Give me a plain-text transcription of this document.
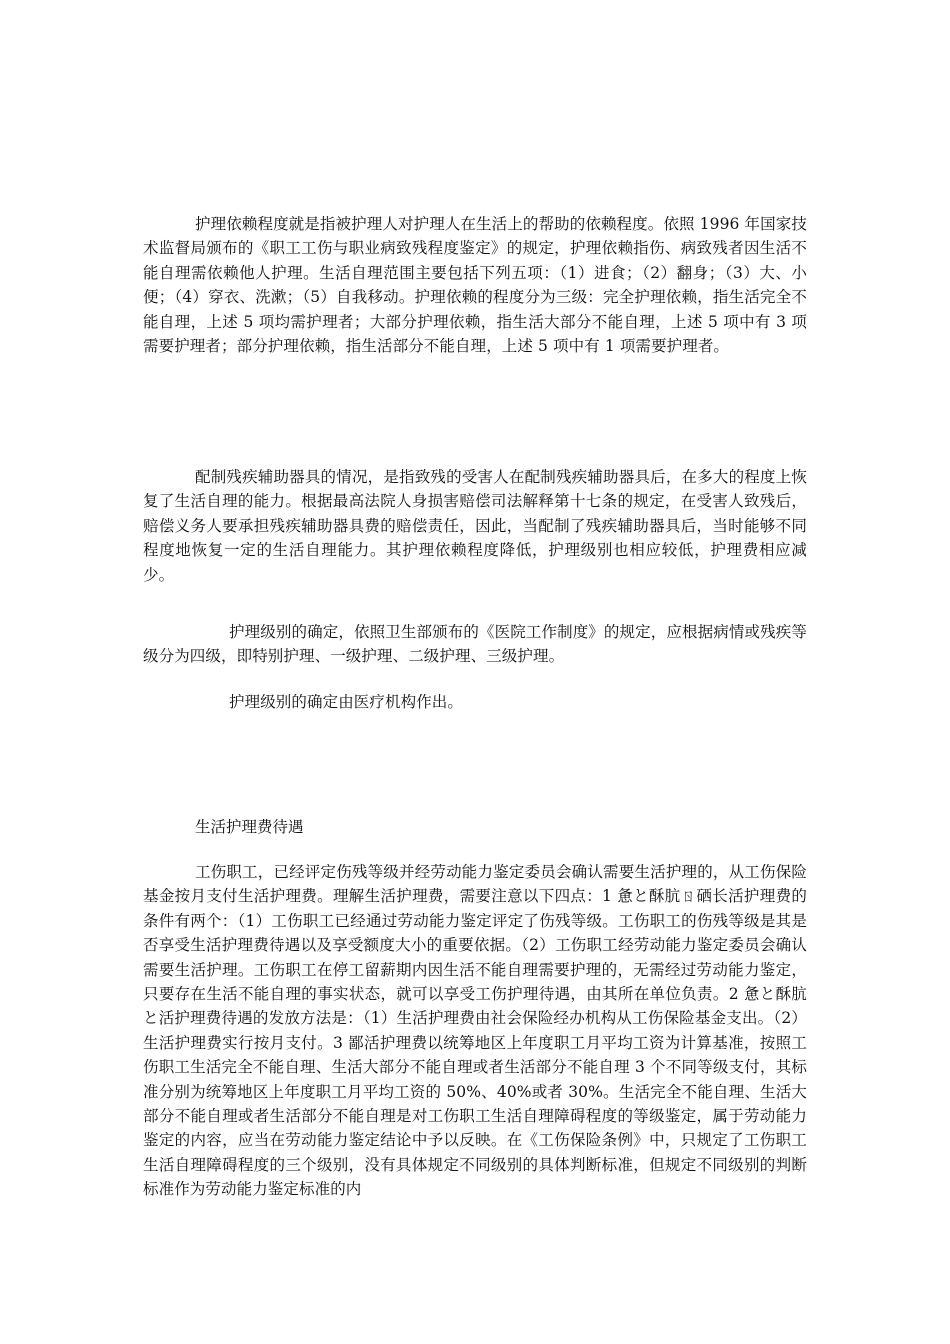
护理依赖程度就是指被护理人对护理人在生活上的帮助的依赖程度。依照 1996 年国家技术监督局颁布的《职工工伤与职业病致残程度鉴定》的规定，护理依赖指伤、病致残者因生活不能自理需依赖他人护理。生活自理范围主要包括下列五项：（1）进食；（2）翻身；（3）大、小便；（4）穿衣、洗漱；（5）自我移动。护理依赖的程度分为三级：完全护理依赖，指生活完全不能自理，上述 5 项均需护理者；大部分护理依赖，指生活大部分不能自理，上述 5 项中有 3 项需要护理者；部分护理依赖，指生活部分不能自理，上述 5 项中有 1 项需要护理者。

配制残疾辅助器具的情况，是指致残的受害人在配制残疾辅助器具后，在多大的程度上恢复了生活自理的能力。根据最高法院人身损害赔偿司法解释第十七条的规定，在受害人致残后，赔偿义务人要承担残疾辅助器具费的赔偿责任，因此，当配制了残疾辅助器具后，当时能够不同程度地恢复一定的生活自理能力。其护理依赖程度降低，护理级别也相应较低，护理费相应减少。

护理级别的确定，依照卫生部颁布的《医院工作制度》的规定，应根据病情或残疾等级分为四级，即特别护理、一级护理、二级护理、三级护理。

护理级别的确定由医疗机构作出。

生活护理费待遇

工伤职工，已经评定伤残等级并经劳动能力鉴定委员会确认需要生活护理的，从工伤保险基金按月支付生活护理费。理解生活护理费，需要注意以下四点：1 惫と酥肮ㄖ硒长活护理费的条件有两个：（1）工伤职工已经通过劳动能力鉴定评定了伤残等级。工伤职工的伤残等级是其是否享受生活护理费待遇以及享受额度大小的重要依据。（2）工伤职工经劳动能力鉴定委员会确认需要生活护理。工伤职工在停工留薪期内因生活不能自理需要护理的，无需经过劳动能力鉴定，只要存在生活不能自理的事实状态，就可以享受工伤护理待遇，由其所在单位负责。2 惫と酥肮と活护理费待遇的发放方法是：（1）生活护理费由社会保险经办机构从工伤保险基金支出。（2）生活护理费实行按月支付。3 鄙活护理费以统筹地区上年度职工月平均工资为计算基准，按照工伤职工生活完全不能自理、生活大部分不能自理或者生活部分不能自理 3 个不同等级支付，其标准分别为统筹地区上年度职工月平均工资的 50%、40%或者 30%。生活完全不能自理、生活大部分不能自理或者生活部分不能自理是对工伤职工生活自理障碍程度的等级鉴定，属于劳动能力鉴定的内容，应当在劳动能力鉴定结论中予以反映。在《工伤保险条例》中，只规定了工伤职工生活自理障碍程度的三个级别，没有具体规定不同级别的具体判断标准，但规定不同级别的判断标准作为劳动能力鉴定标准的内
